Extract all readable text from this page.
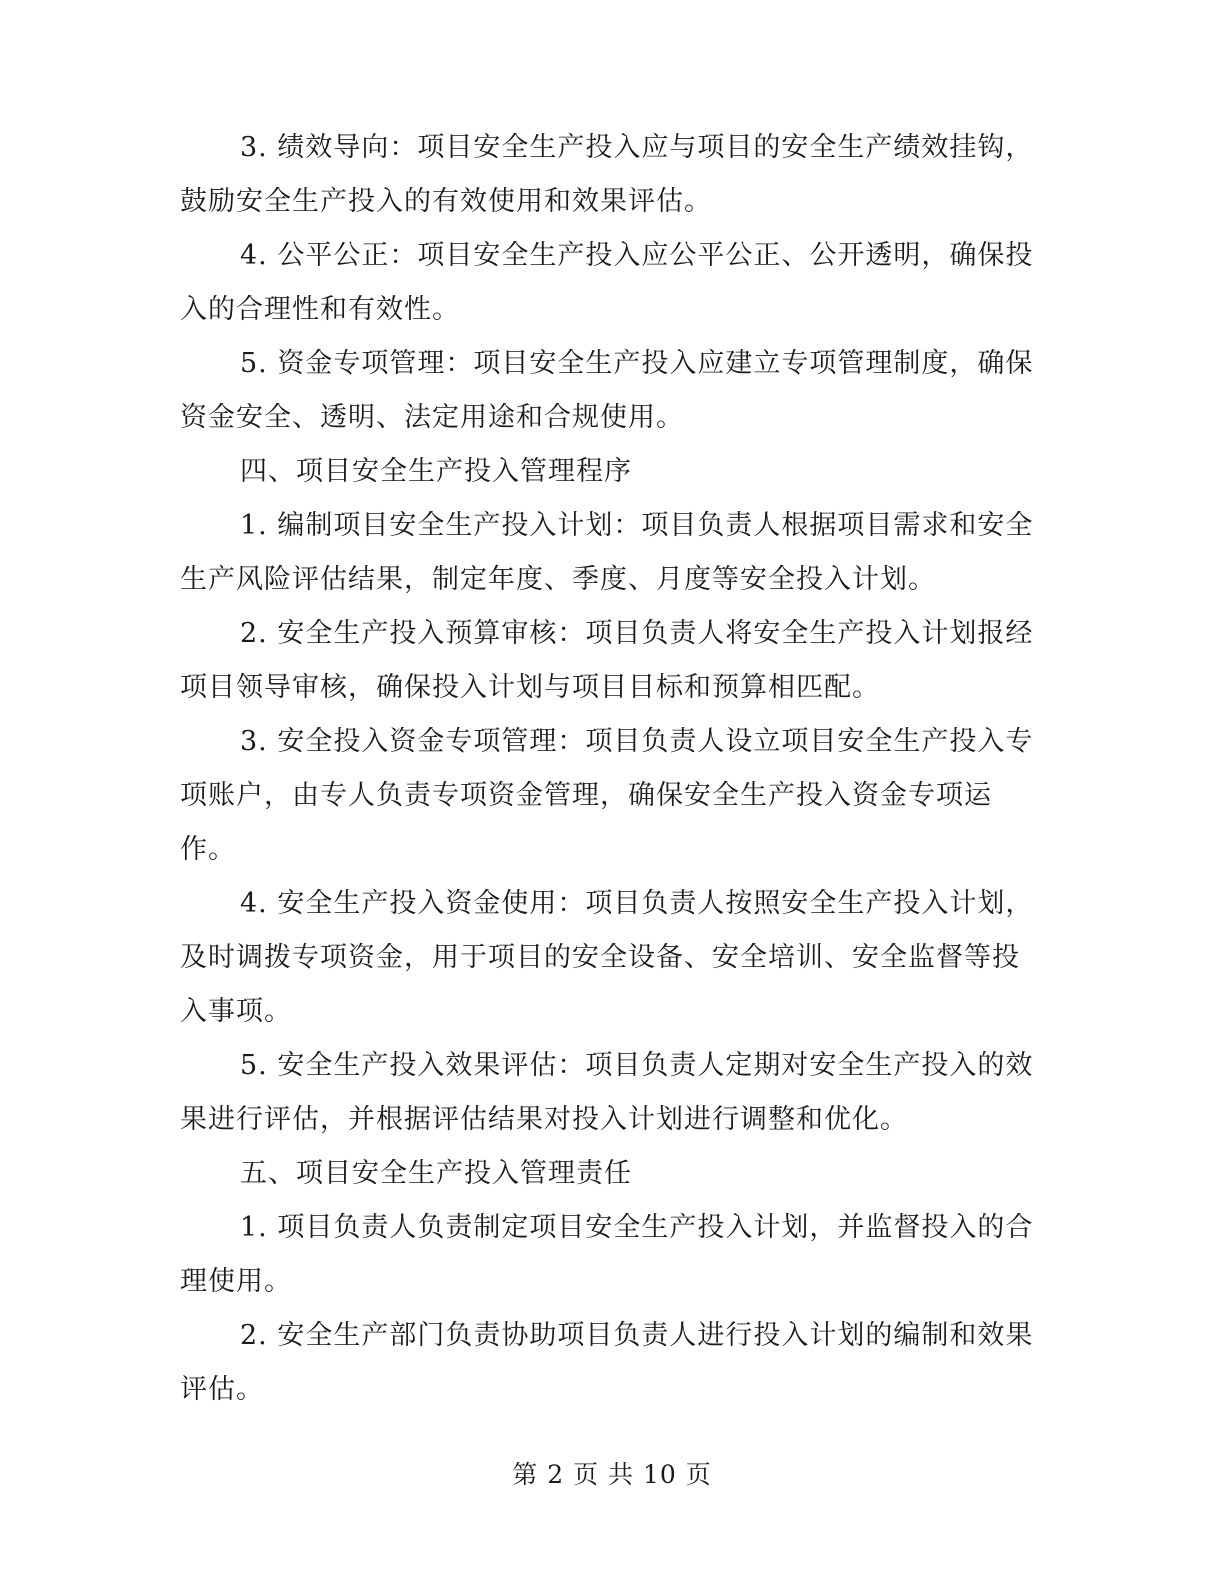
3. 绩效导向：项目安全生产投入应与项目的安全生产绩效挂钩，
鼓励安全生产投入的有效使用和效果评估。
4. 公平公正：项目安全生产投入应公平公正、公开透明，确保投
入的合理性和有效性。
5. 资金专项管理：项目安全生产投入应建立专项管理制度，确保
资金安全、透明、法定用途和合规使用。
四、项目安全生产投入管理程序
1. 编制项目安全生产投入计划：项目负责人根据项目需求和安全
生产风险评估结果，制定年度、季度、月度等安全投入计划。
2. 安全生产投入预算审核：项目负责人将安全生产投入计划报经
项目领导审核，确保投入计划与项目目标和预算相匹配。
3. 安全投入资金专项管理：项目负责人设立项目安全生产投入专
项账户，由专人负责专项资金管理，确保安全生产投入资金专项运
作。
4. 安全生产投入资金使用：项目负责人按照安全生产投入计划，
及时调拨专项资金，用于项目的安全设备、安全培训、安全监督等投
入事项。
5. 安全生产投入效果评估：项目负责人定期对安全生产投入的效
果进行评估，并根据评估结果对投入计划进行调整和优化。
五、项目安全生产投入管理责任
1. 项目负责人负责制定项目安全生产投入计划，并监督投入的合
理使用。
2. 安全生产部门负责协助项目负责人进行投入计划的编制和效果
评估。
第 2 页 共 10 页
